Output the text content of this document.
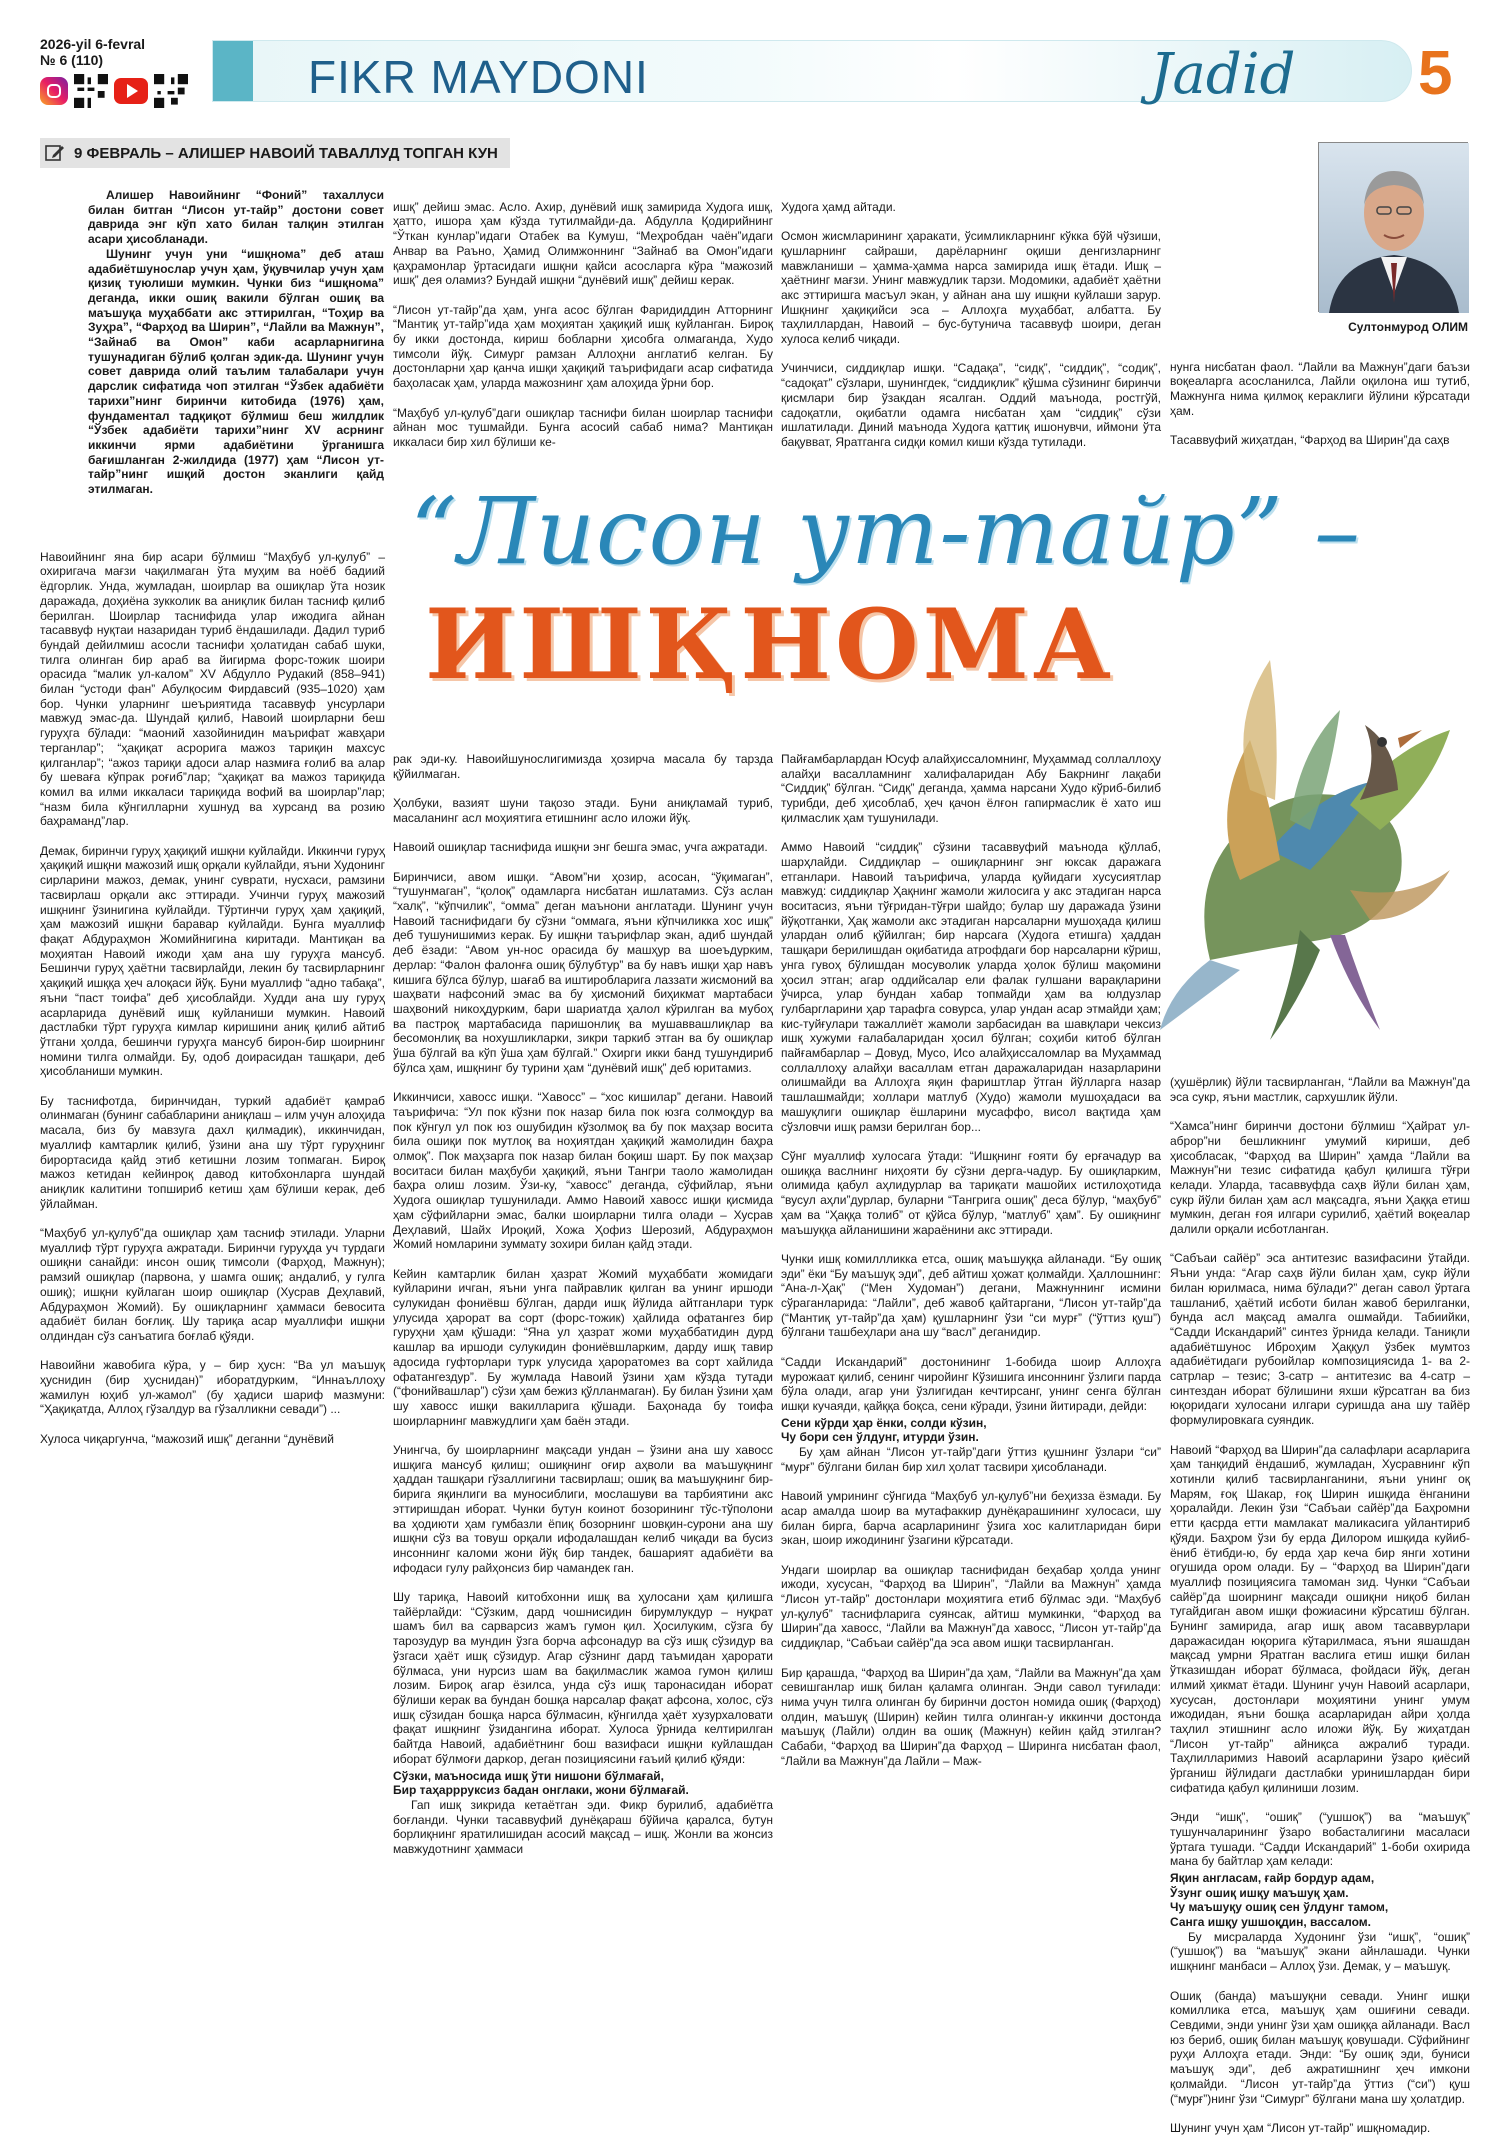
2026-yil 6-fevral
№ 6 (110)	FIKR MAYDONI	Jadid 5
9 ФЕВРАЛЬ – АЛИШЕР НАВОИЙ ТАВАЛЛУД ТОПГАН КУН
Султонмурод ОЛИМ
“Лисон ут-тайр” –
ИШҚНОМА

Алишер Навоийнинг “Фоний” тахаллуси билан битган “Лисон ут-тайр” достони совет даврида энг кўп хато билан талқин этилган асари ҳисобланади.

Шунинг учун уни “ишқнома” деб аташ адабиётшунослар учун ҳам, ўқувчилар учун ҳам қизиқ туюлиши мумкин. Чунки биз “ишқнома” деганда, икки ошиқ вакили бўлган ошиқ ва маъшуқа муҳаббати акс эттирилган, “Тоҳир ва Зуҳра”, “Фарҳод ва Ширин”, “Лайли ва Мажнун”, “Зайнаб ва Омон” каби асарларнигина тушунадиган бўлиб қолган эдик-да. Шунинг учун совет даврида олий таълим талабалари учун дарслик сифатида чоп этилган “Ўзбек адабиёти тарихи”нинг биринчи китобида (1976) ҳам, фундаментал тадқиқот бўлмиш беш жилдлик “Ўзбек адабиёти тарихи”нинг XV асрнинг иккинчи ярми адабиётини ўрганишга бағишланган 2-жилдида (1977) ҳам “Лисон ут-тайр”нинг ишқий достон эканлиги қайд этилмаган.

ишқ” дейиш эмас. Асло. Ахир, дунёвий ишқ замирида Худога ишқ, ҳатто, ишора ҳам кўзда тутилмайди-да. Абдулла Қодирийнинг “Ўткан кунлар”идаги Отабек ва Кумуш, “Меҳробдан чаён”идаги Анвар ва Раъно, Ҳамид Олимжоннинг “Зайнаб ва Омон”идаги қаҳрамонлар ўртасидаги ишқни қайси асосларга кўра “мажозий ишқ” дея оламиз? Бундай ишқни “дунёвий ишқ” дейиш керак.

“Лисон ут-тайр”да ҳам, унга асос бўлган Фаридиддин Атторнинг “Мантиқ ут-тайр”ида ҳам моҳиятан ҳақиқий ишқ куйланган. Бироқ бу икки достонда, кириш бобларни ҳисобга олмаганда, Худо тимсоли йўқ. Симург рамзан Аллоҳни англатиб келган. Бу достонларни ҳар қанча ишқи ҳақиқий таърифидаги асар сифатида баҳоласак ҳам, уларда мажознинг ҳам алоҳида ўрни бор.

“Маҳбуб ул-қулуб”даги ошиқлар таснифи билан шоирлар таснифи айнан мос тушмайди. Бунга асосий сабаб нима? Мантиқан иккаласи бир хил бўлиши ке-

Худога ҳамд айтади.

Осмон жисмларининг ҳаракати, ўсимликларнинг кўкка бўй чўзиши, қушларнинг сайраши, дарёларнинг оқиши денгизларнинг мавжланиши – ҳамма-ҳамма нарса замирида ишқ ётади. Ишқ – ҳаётнинг мағзи. Унинг мавжудлик тарзи. Модомики, адабиёт ҳаётни акс эттиришга масъул экан, у айнан ана шу ишқни куйлаши зарур. Ишқнинг ҳақиқийси эса – Аллоҳга муҳаббат, албатта. Бу таҳлиллардан, Навоий – бус-бутунича тасаввуф шоири, деган хулоса келиб чиқади.

Учинчиси, сиддиқлар ишқи. “Садақа”, “сидқ”, “сиддиқ”, “содиқ”, “садоқат” сўзлари, шунингдек, “сиддиқлик” қўшма сўзининг биринчи қисмлари бир ўзакдан ясалган. Оддий маънода, ростгўй, садоқатли, оқибатли одамга нисбатан ҳам “сиддиқ” сўзи ишлатилади. Диний маънода Худога қаттиқ ишонувчи, иймони ўта бақувват, Яратганга сидқи комил киши кўзда тутилади.

нунга нисбатан фаол. “Лайли ва Мажнун”даги баъзи воқеаларга асосланилса, Лайли оқилона иш тутиб, Мажнунга нима қилмоқ кераклиги йўлини кўрсатади ҳам.

Тасаввуфий жиҳатдан, “Фарҳод ва Ширин”да саҳв

Навоийнинг яна бир асари бўлмиш “Маҳбуб ул-қулуб” – охиригача мағзи чақилмаган ўта муҳим ва ноёб бадиий ёдгорлик. Унда, жумладан, шоирлар ва ошиқлар ўта нозик даражада, доҳиёна зукколик ва аниқлик билан тасниф қилиб берилган. Шоирлар таснифида улар ижодига айнан тасаввуф нуқтаи назаридан туриб ёндашилади. Дадил туриб бундай дейилмиш асосли таснифи ҳолатидан сабаб шуки, тилга олинган бир араб ва йигирма форс-тожик шоири орасида “малик ул-калом” ХV Абдулло Рудакий (858–941) билан “устоди фан” Абулқосим Фирдавсий (935–1020) ҳам бор. Чунки уларнинг шеъриятида тасаввуф унсурлари мавжуд эмас-да. Шундай қилиб, Навоий шоирларни беш гуруҳга бўлади: “маоний хазойинидин маърифат жавҳари терганлар”; “ҳақиқат асрорига мажоз тариқин махсус қилганлар”; “ажоз тариқи адоси алар назмиға ғолиб ва алар бу шеваға кўпрак роғиб”лар; “ҳақиқат ва мажоз тариқида комил ва илми иккаласи тариқида вофий ва шоирлар”лар; “назм била кўнгилларни хушнуд ва хурсанд ва розию баҳраманд”лар.

Демак, биринчи гуруҳ ҳақиқий ишқни куйлайди. Иккинчи гуруҳ ҳақиқий ишқни мажозий ишқ орқали куйлайди, яъни Худонинг сирларини мажоз, демак, унинг суврати, нусхаси, рамзини тасвирлаш орқали акс эттиради. Учинчи гуруҳ мажозий ишқнинг ўзинигина куйлайди. Тўртинчи гуруҳ ҳам ҳақиқий, ҳам мажозий ишқни баравар куйлайди. Бунга муаллиф фақат Абдураҳмон Жомийнигина киритади. Мантиқан ва моҳиятан Навоий ижоди ҳам ана шу гуруҳга мансуб. Бешинчи гуруҳ ҳаётни тасвирлайди, лекин бу тасвирларнинг ҳақиқий ишққа ҳеч алоқаси йўқ. Буни муаллиф “адно табақа”, яъни “паст тоифа” деб ҳисоблайди. Худди ана шу гуруҳ асарларида дунёвий ишқ куйланиши мумкин. Навоий дастлабки тўрт гуруҳга кимлар киришини аниқ қилиб айтиб ўтгани ҳолда, бешинчи гуруҳга мансуб бирон-бир шоирнинг номини тилга олмайди. Бу, одоб доирасидан ташқари, деб ҳисобланиши мумкин.

Бу таснифотда, биринчидан, туркий адабиёт қамраб олинмаган (бунинг сабабларини аниқлаш – илм учун алоҳида масала, биз бу мавзуга дахл қилмадик), иккинчидан, муаллиф камтарлик қилиб, ўзини ана шу тўрт гуруҳнинг бирортасида қайд этиб кетишни лозим топмаган. Бироқ мажоз кетидан кейинроқ давод китобхонларга шундай аниқлик калитини топшириб кетиш ҳам бўлиши керак, деб ўйлайман.

“Маҳбуб ул-қулуб”да ошиқлар ҳам тасниф этилади. Уларни муаллиф тўрт гуруҳга ажратади. Биринчи гуруҳда уч турдаги ошиқни санайди: инсон ошиқ тимсоли (Фарҳод, Мажнун); рамзий ошиқлар (парвона, у шамга ошиқ; андалиб, у гулга ошиқ); ишқни куйлаган шоир ошиқлар (Хусрав Деҳлавий, Абдураҳмон Жомий). Бу ошиқларнинг ҳаммаси бевосита адабиёт билан боғлиқ. Шу тариқа асар муаллифи ишқни олдиндан сўз санъатига боғлаб қўяди.

Навоийни жавобига кўра, у – бир ҳусн: “Ва ул маъшуқ ҳуснидин (бир ҳуснидан)” иборатдурким, “Иннаъллоҳу жамилун юҳиб ул-жамол” (бу ҳадиси шариф мазмуни: “Ҳақиқатда, Аллоҳ гўзалдур ва гўзалликни севади”) ...

Хулоса чиқаргунча, “мажозий ишқ” деганни “дунёвий

рак эди-ку. Навоийшунослигимизда ҳозирча масала бу тарзда қўйилмаган.

Ҳолбуки, вазият шуни тақозо этади. Буни аниқламай туриб, масаланинг асл моҳиятига етишнинг асло иложи йўқ.

Навоий ошиқлар таснифида ишқни энг бешга эмас, учга ажратади.

Биринчиси, авом ишқи. “Авом”ни ҳозир, асосан, “ўқимаган”, “тушунмаган”, “қолоқ” одамларга нисбатан ишлатамиз. Сўз аслан “халқ”, “кўпчилик”, “омма” деган маънони англатади. Шунинг учун Навоий таснифидаги бу сўзни “оммага, яъни кўпчиликка хос ишқ” деб тушунишимиз керак. Бу ишқни таърифлар экан, адиб шундай деб ёзади: “Авом ун-нос орасида бу машҳур ва шоеъдурким, дерлар: “Фалон фалонға ошиқ бўлубтур” ва бу навъ ишқи ҳар навъ кишига бўлса бўлур, шағаб ва иштиробларига лаззати жисмоний ва шаҳвати нафсоний эмас ва бу ҳисмоний биҳикмат мартабаси шаҳвоний никоҳдурким, бари шариатда ҳалол кўрилган ва мубоҳ ва пастроқ мартабасида паришонлиқ ва мушаввашлиқлар ва бесомонлиқ ва нохушликларки, зикри таркиб этган ва бу ошиқлар ўша бўлгай ва кўп ўша ҳам бўлгай.” Охирги икки банд тушундириб бўлса ҳам, ишқнинг бу турини ҳам “дунёвий ишқ” деб юритамиз.

Иккинчиси, хавосс ишқи. “Хавосс” – “хос кишилар” дегани. Навоий таърифича: “Ул пок кўзни пок назар била пок юзга солмоқдур ва пок кўнгул ул пок юз ошубидин кўзолмоқ ва бу пок маҳзар восита била ошиқи пок мутлоқ ва ноҳиятдан ҳақиқий жамолидин баҳра олмоқ”. Пок маҳзарга пок назар билан боқиш шарт. Бу пок маҳзар воситаси билан маҳбуби ҳақиқий, яъни Тангри таоло жамолидан баҳра олиш лозим. Ўзи-ку, “хавосс” деганда, сўфийлар, яъни Худога ошиқлар тушунилади. Аммо Навоий хавосс ишқи қисмида ҳам сўфийларни эмас, балки шоирларни тилга олади – Хусрав Деҳлавий, Шайх Ироқий, Хожа Ҳофиз Шерозий, Абдураҳмон Жомий номларини зуммату зохири билан қайд этади.

Кейин камтарлик билан ҳазрат Жомий муҳаббати жомидаги куйларини ичган, яъни унга пайравлик қилган ва унинг иршоди сулукидан фониёвш бўлган, дарди ишқ йўлида айтганлари турк улусида ҳарорат ва сорт (форс-тожик) ҳайлида офатангез бир гуруҳни ҳам қўшади: “Яна ул ҳазрат жоми муҳаббатидин дурд кашлар ва иршоди сулукидин фониёвшларким, дарду ишқ тавир адосида гуфторлари турк улусида ҳароратомез ва сорт хайлида офатангездур”. Бу жумлада Навоий ўзини ҳам кўзда тутади (“фонийвашлар”) сўзи ҳам бежиз қўлланмаган). Бу билан ўзини ҳам шу хавосс ишқи вакилларига қўшади. Баҳонада бу тоифа шоирларнинг мавжудлиги ҳам баён этади.

Унингча, бу шоирларнинг мақсади ундан – ўзини ана шу хавосс ишқига мансуб қилиш; ошиқнинг оғир аҳволи ва маъшуқнинг ҳаддан ташқари гўзаллигини тасвирлаш; ошиқ ва маъшуқнинг бир-бирига яқинлиги ва муносиблиги, мослашуви ва тарбиятини акс эттиришдан иборат. Чунки бутун коинот бозорининг тўс-тўполони ва ҳодиюти ҳам гумбазли ёпиқ бозорнинг шовқин-сурони ана шу ишқни сўз ва товуш орқали ифодалашдан келиб чиқади ва бусиз инсоннинг каломи жони йўқ бир тандек, башарият адабиёти ва ифодаси гулу райҳонсиз бир чамандек ган.

Шу тариқа, Навоий китобхонни ишқ ва ҳулосани ҳам қилишга тайёрлайди: “Сўзким, дард чошнисидин бирумлукдур – нуқрат шамъ бил ва сарварсиз жамъ гумон қил. Ҳосилуким, сўзга бу тарозудур ва мундин ўзга борча афсонадур ва сўз ишқ сўзидур ва ўзгаси ҳаёт ишқ сўзидур. Агар сўзнинг дард таъмидан ҳарорати бўлмаса, уни нурсиз шам ва бақилмаслик жамоа гумон қилиш лозим. Бироқ агар ёзилса, унда сўз ишқ таронасидан иборат бўлиши керак ва бундан бошқа нарсалар фақат афсона, холос, сўз ишқ сўзидан бошқа нарса бўлмасин, кўнгилда ҳаёт хузурхаловати фақат ишқнинг ўзидангина иборат. Хулоса ўрнида келтирилган байтда Навоий, адабиётнинг бош вазифаси ишқни куйлашдан иборат бўлмоғи даркор, деган позициясини ғаъий қилиб қўяди:
Сўзки, маъносида ишқ ўти нишони бўлмағай,
Бир таҳаррруксиз бадан онглаки, жони бўлмағай.
Гап ишқ зикрида кетаётган эди. Фикр бурилиб, адабиётга боғланди. Чунки тасаввуфий дунёқараш бўйича қаралса, бутун борлиқнинг яратилишидан асосий мақсад – ишқ. Жонли ва жонсиз мавжудотнинг ҳаммаси
Пайғамбарлардан Юсуф алайҳиссаломнинг, Муҳаммад соллаллоҳу алайҳи васалламнинг халифаларидан Абу Бакрнинг лақаби “Сиддиқ” бўлган. “Сидқ” деганда, ҳамма нарсани Худо кўриб-билиб турибди, деб ҳисоблаб, ҳеч қачон ёлғон гапирмаслик ё хато иш қилмаслик ҳам тушунилади.

Аммо Навоий “сиддиқ” сўзини тасаввуфий маънода қўллаб, шарҳлайди. Сиддиқлар – ошиқларнинг энг юксак даражага етганлари. Навоий таърифича, уларда қуйидаги хусусиятлар мавжуд: сиддиқлар Ҳақнинг жамоли жилосига у акс этадиган нарса воситасиз, яъни тўғридан-тўғри шайдо; булар шу даражада ўзини йўқотганки, Ҳақ жамоли акс этадиган нарсаларни мушоҳада қилиш улардан олиб қўйилган; бир нарсага (Худога етишга) ҳаддан ташқари берилишдан оқибатида атрофдаги бор нарсаларни кўриш, унга гувоҳ бўлишдан мосуволик уларда ҳолок бўлиш мақомини ҳосил этган; агар оддийсалар ели фалак гулшани варақларини ўчирса, улар бундан хабар топмайди ҳам ва юлдузлар гулбаргларини ҳар тарафга совурса, улар ундан асар этмайди ҳам; кис-туйғулари тажаллиёт жамоли зарбасидан ва шавқлари чексиз ишқ хужуми ғалабаларидан ҳосил бўлган; соҳиби китоб бўлган пайғамбарлар – Довуд, Мусо, Исо алайҳиссаломлар ва Муҳаммад соллаллоҳу алайҳи васаллам етган даражаларидан назарларини олишмайди ва Аллоҳга яқин фариштлар ўтган йўлларга назар ташлашмайди; холлари матлуб (Худо) жамоли мушоҳадаси ва машуқлиги ошиқлар ёшларини мусаффо, висол вақтида ҳам сўзловчи ишқ рамзи берилган бор...

Сўнг муаллиф хулосага ўтади: “Ишқнинг ғояти бу ерғачадур ва ошиққа васлнинг ниҳояти бу сўзни дерга-чадур. Бу ошиқларким, олимида қабул аҳлидурлар ва тариқати машойих истилоҳотида “вусул аҳли”дурлар, буларни “Тангрига ошиқ” деса бўлур, “маҳбуб” ҳам ва “Ҳаққа толиб” от қўйса бўлур, “матлуб” ҳам”. Бу ошиқнинг маъшуққа айланишини жараёнини акс эттиради.

Чунки ишқ комиллликка етса, ошиқ маъшуққа айланади. “Бу ошиқ эди” ёки “Бу маъшуқ эди”, деб айтиш ҳожат қолмайди. Ҳаллошнинг: “Ана-л-Ҳақ” (“Мен Худоман”) дегани, Мажнуннинг исмини сўраганларида: “Лайли”, деб жавоб қайтаргани, “Лисон ут-тайр”да (“Мантиқ ут-тайр”да ҳам) қушларнинг ўзи “си мурғ” (“ўттиз қуш”) бўлгани ташбеҳлари ана шу “васл” деганидир.

“Садди Искандарий” достонининг 1-бобида шоир Аллоҳга мурожаат қилиб, сенинг чиройинг Кўзишига инсоннинг ўзлиги парда бўла олади, агар уни ўзлигидан кечтирсанг, унинг сенга бўлган ишқи кучаяди, қайққа боқса, сени кўради, ўзини йитиради, дейди:
Сени кўрди ҳар ёнки, солди кўзин,
Чу бори сен ўлдунг, итурди ўзин.
Бу ҳам айнан “Лисон ут-тайр”даги ўттиз қушнинг ўзлари “си” “мурғ” бўлгани билан бир хил ҳолат тасвири ҳисобланади.

Навоий умрининг сўнгида “Маҳбуб ул-қулуб”ни беҳизза ёзмади. Бу асар амалда шоир ва мутафаккир дунёқарашининг хулосаси, шу билан бирга, барча асарларининг ўзига хос калитларидан бири экан, шоир ижодининг ўзагини кўрсатади.

Ундаги шоирлар ва ошиқлар таснифидан беҳабар ҳолда унинг ижоди, хусусан, “Фарҳод ва Ширин”, “Лайли ва Мажнун” ҳамда “Лисон ут-тайр” достонлари моҳиятига етиб бўлмас эди. “Маҳбуб ул-қулуб” таснифларига суянсак, айтиш мумкинки, “Фарҳод ва Ширин”да хавосс, “Лайли ва Мажнун”да хавосс, “Лисон ут-тайр”да сиддиқлар, “Сабъаи сайёр”да эса авом ишқи тасвирланган.

Бир қарашда, “Фарҳод ва Ширин”да ҳам, “Лайли ва Мажнун”да ҳам севишганлар ишқ билан қаламга олинган. Энди савол туғилади: нима учун тилга олинган бу биринчи достон номида ошиқ (Фарҳод) олдин, маъшуқ (Ширин) кейин тилга олинган-у иккинчи достонда маъшуқ (Лайли) олдин ва ошиқ (Мажнун) кейин қайд этилган? Сабаби, “Фарҳод ва Ширин”да Фарҳод – Ширинга нисбатан фаол, “Лайли ва Мажнун”да Лайли – Маж-
(ҳушёрлик) йўли тасвирланган, “Лайли ва Мажнун”да эса сукр, яъни мастлик, сархушлик йўли.

“Хамса”нинг биринчи достони бўлмиш “Ҳайрат ул-аброр”ни бешликнинг умумий кириши, деб ҳисобласак, “Фарҳод ва Ширин” ҳамда “Лайли ва Мажнун”ни тезис сифатида қабул қилишга тўғри келади. Уларда, тасаввуфда саҳв йўли билан ҳам, сукр йўли билан ҳам асл мақсадга, яъни Ҳаққа етиш мумкин, деган ғоя илгари сурилиб, ҳаётий воқеалар далили орқали исботланган.

“Сабъаи сайёр” эса антитезис вазифасини ўтайди. Яъни унда: “Агар саҳв йўли билан ҳам, сукр йўли билан юрилмаса, нима бўлади?” деган савол ўртага ташланиб, ҳаётий исботи билан жавоб берилганки, бунда асл мақсад амалга ошмайди. Табиийки, “Садди Искандарий” синтез ўрнида келади. Таниқли адабиётшунос Иброҳим Ҳаққул ўзбек мумтоз адабиётидаги рубоийлар композициясида 1- ва 2-сатрлар – тезис; 3-сатр – антитезис ва 4-сатр – синтездан иборат бўлишини яхши кўрсатган ва биз юқоридаги хулосани илгари суришда ана шу тайёр формулировкага суяндик.

Навоий “Фарҳод ва Ширин”да салафлари асарларига ҳам танқидий ёндашиб, жумладан, Хусравнинг кўп хотинли қилиб тасвирланганини, яъни унинг оқ Марям, ғоқ Шакар, ғоқ Ширин ишқида ёнганини ҳоралайди. Лекин ўзи “Сабъаи сайёр”да Баҳромни етти қасрда етти мамлакат маликасига уйлантириб қўяди. Баҳром ўзи бу ерда Дилором ишқида куйиб-ёниб ётибди-ю, бу ерда ҳар кеча бир янги хотини огушида ором олади. Бу – “Фарҳод ва Ширин”даги муаллиф позициясига тамоман зид. Чунки “Сабъаи сайёр”да шоирнинг мақсади ошиқни ниқоб билан тугайдиган авом ишқи фожиасини кўрсатиш бўлган. Бунинг замирида, агар ишқ авом тасаввурлари даражасидан юқорига кўтарилмаса, яъни яшашдан мақсад умрни Яратган васлига етиш ишқи билан ўтказишдан иборат бўлмаса, фойдаси йўқ, деган илмий ҳикмат ётади. Шунинг учун Навоий асарлари, хусусан, достонлари моҳиятини унинг умум ижодидан, яъни бошқа асарларидан айри ҳолда таҳлил этишнинг асло иложи йўқ. Бу жиҳатдан “Лисон ут-тайр” айниқса ажралиб туради. Таҳлилларимиз Навоий асарларини ўзаро қиёсий ўрганиш йўлидаги дастлабки уринишлардан бири сифатида қабул қилиниши лозим.

Энди “ишқ”, “ошиқ” (“ушшоқ”) ва “маъшуқ” тушунчаларининг ўзаро вобасталигини масаласи ўртага тушади. “Садди Искандарий” 1-боби охирида мана бу байтлар ҳам келади:
Яқин англасам, ғайр бордур адам,
Ўзунг ошиқ ишқу маъшуқ ҳам.
Чу маъшуқу ошиқ сен ўлдунг тамом,
Санга ишқу ушшоқдин, вассалом.
Бу мисраларда Худонинг ўзи “ишқ”, “ошиқ” (“ушшоқ”) ва “маъшуқ” экани айнлашади. Чунки ишқнинг манбаси – Аллоҳ ўзи. Демак, у – маъшуқ.

Ошиқ (банда) маъшуқни севади. Унинг ишқи комиллика етса, маъшуқ ҳам ошиғини севади. Севдими, энди унинг ўзи ҳам ошиққа айланади. Васл юз бериб, ошиқ билан маъшуқ қовушади. Сўфийнинг руҳи Аллоҳга етади. Энди: “Бу ошиқ эди, буниси маъшуқ эди”, деб ажратишнинг ҳеч имкони қолмайди. “Лисон ут-тайр”да ўттиз (“си”) қуш (“мурғ”)нинг ўзи “Симург” бўлгани мана шу ҳолатдир.

Шунинг учун ҳам “Лисон ут-тайр” ишқномадир.
